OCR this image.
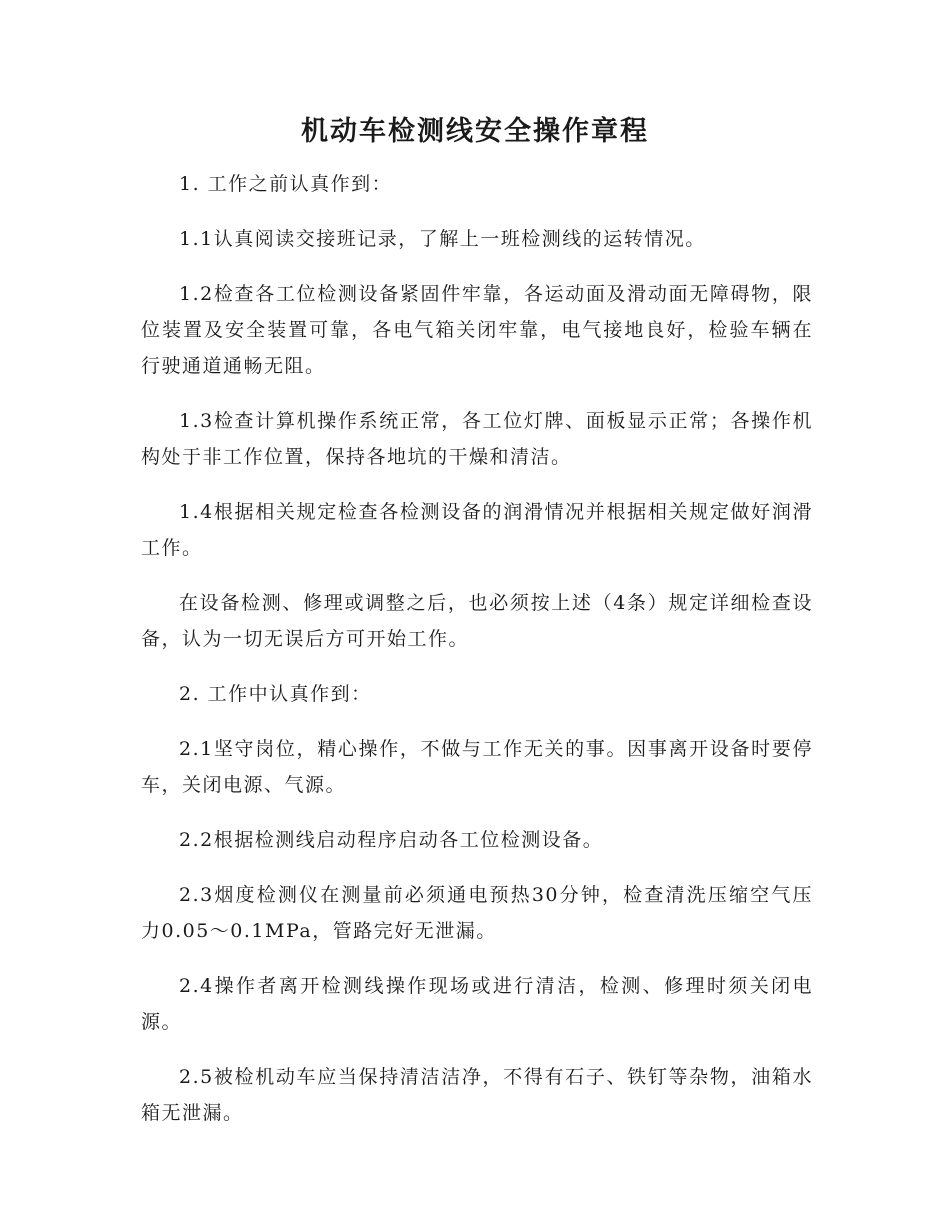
机动车检测线安全操作章程

1. 工作之前认真作到：

1.1认真阅读交接班记录，了解上一班检测线的运转情况。

1.2检查各工位检测设备紧固件牢靠，各运动面及滑动面无障碍物，限位装置及安全装置可靠，各电气箱关闭牢靠，电气接地良好，检验车辆在行驶通道通畅无阻。

1.3检查计算机操作系统正常，各工位灯牌、面板显示正常；各操作机构处于非工作位置，保持各地坑的干燥和清洁。

1.4根据相关规定检查各检测设备的润滑情况并根据相关规定做好润滑工作。

在设备检测、修理或调整之后，也必须按上述（4条）规定详细检查设备，认为一切无误后方可开始工作。

2. 工作中认真作到：

2.1坚守岗位，精心操作，不做与工作无关的事。因事离开设备时要停车，关闭电源、气源。

2.2根据检测线启动程序启动各工位检测设备。

2.3烟度检测仪在测量前必须通电预热30分钟，检查清洗压缩空气压力0.05～0.1MPa，管路完好无泄漏。

2.4操作者离开检测线操作现场或进行清洁，检测、修理时须关闭电源。

2.5被检机动车应当保持清洁洁净，不得有石子、铁钉等杂物，油箱水箱无泄漏。
